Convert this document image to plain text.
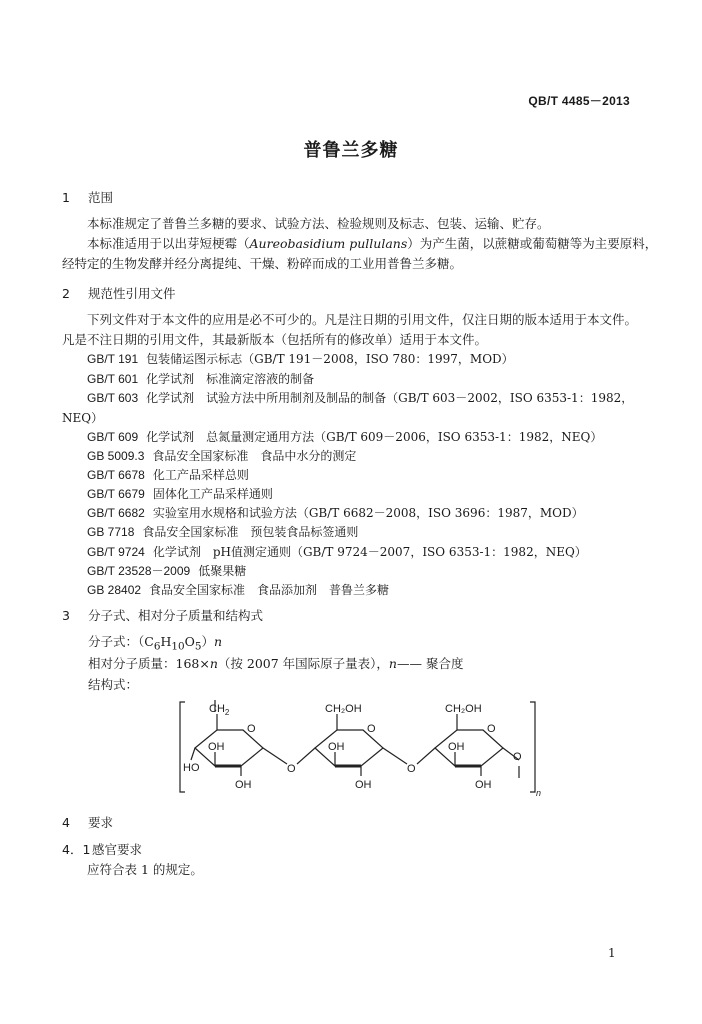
QB/T 4485－2013
普鲁兰多糖
1 范围
本标准规定了普鲁兰多糖的要求、试验方法、检验规则及标志、包装、运输、贮存。
本标准适用于以出芽短梗霉（Aureobasidium pullulans）为产生菌，以蔗糖或葡萄糖等为主要原料，
经特定的生物发酵并经分离提纯、干燥、粉碎而成的工业用普鲁兰多糖。
2 规范性引用文件
下列文件对于本文件的应用是必不可少的。凡是注日期的引用文件，仅注日期的版本适用于本文件。
凡是不注日期的引用文件，其最新版本（包括所有的修改单）适用于本文件。
GB/T 191 包装储运图示标志（GB/T 191－2008，ISO 780：1997，MOD）
GB/T 601 化学试剂　标准滴定溶液的制备
GB/T 603 化学试剂　试验方法中所用制剂及制品的制备（GB/T 603－2002，ISO 6353-1：1982，
NEQ）
GB/T 609 化学试剂　总氮量测定通用方法（GB/T 609－2006，ISO 6353-1：1982，NEQ）
GB 5009.3 食品安全国家标准　食品中水分的测定
GB/T 6678 化工产品采样总则
GB/T 6679 固体化工产品采样通则
GB/T 6682 实验室用水规格和试验方法（GB/T 6682－2008，ISO 3696：1987，MOD）
GB 7718 食品安全国家标准　预包装食品标签通则
GB/T 9724 化学试剂　pH值测定通则（GB/T 9724－2007，ISO 6353-1：1982，NEQ）
GB/T 23528－2009 低聚果糖
GB 28402 食品安全国家标准　食品添加剂　普鲁兰多糖
3 分子式、相对分子质量和结构式
分子式：$(C_6H_{10}O_5)n$
相对分子质量：168×n（按 2007 年国际原子量表），n—— 聚合度
结构式：
$CH_2$
O
OH
HO
OH
O
CH₂OH
O
OH
OH
O
CH₂OH
O
OH
OH
O
n
4 要求
4．1 感官要求
应符合表 1 的规定。
1
